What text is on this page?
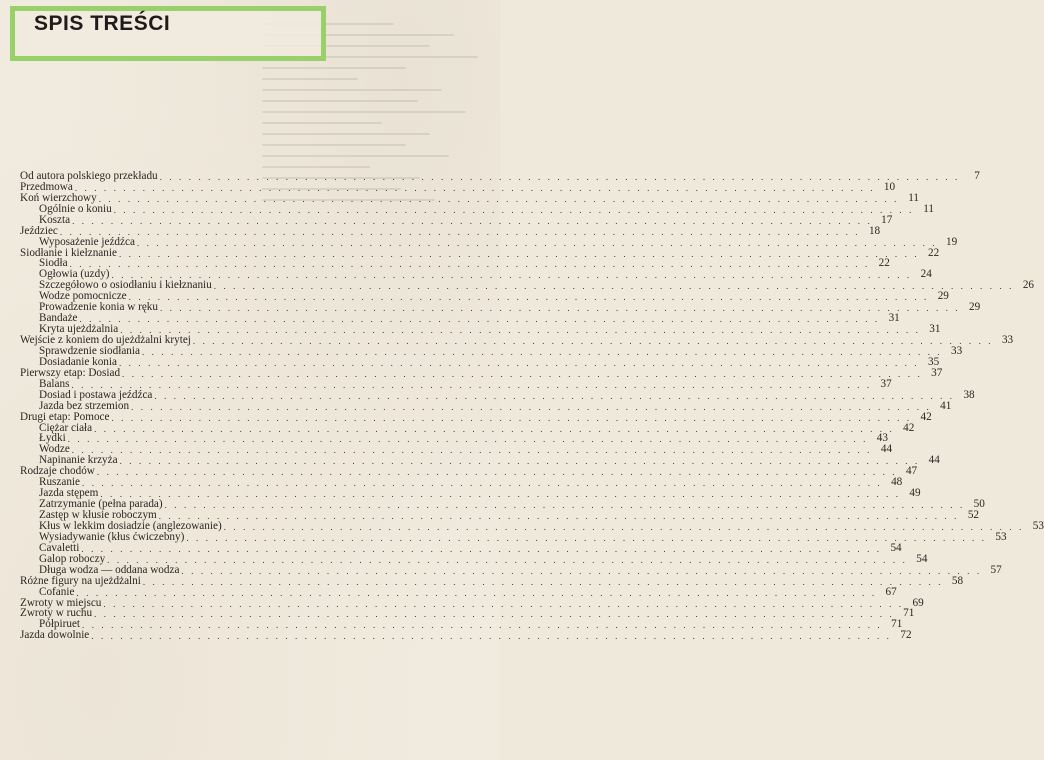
SPIS TREŚCI
Od autora polskiego przekładu . . . . . . . . . . . . . . . . . . . . . . . . . . . . . . . . . . . . . . . . . . . . . . . . . . . . . . . . . . . . . . . . . . . . . . . . . . . . . . . . . . .	7
Przedmowa . . . . . . . . . . . . . . . . . . . . . . . . . . . . . . . . . . . . . . . . . . . . . . . . . . . . . . . . . . . . . . . . . . . . . . . . . . . . . . . . . . . 10
Koń wierzchowy . . . . . . . . . . . . . . . . . . . . . . . . . . . . . . . . . . . . . . . . . . . . . . . . . . . . . . . . . . . . . . . . . . . . . . . . . . . . . . . . . . . 11
Ogólnie o koniu . . . . . . . . . . . . . . . . . . . . . . . . . . . . . . . . . . . . . . . . . . . . . . . . . . . . . . . . . . . . . . . . . . . . . . . . . . . . . . . . . . . 11
Koszta . . . . . . . . . . . . . . . . . . . . . . . . . . . . . . . . . . . . . . . . . . . . . . . . . . . . . . . . . . . . . . . . . . . . . . . . . . . . . . . . . . . 17
Jeździec . . . . . . . . . . . . . . . . . . . . . . . . . . . . . . . . . . . . . . . . . . . . . . . . . . . . . . . . . . . . . . . . . . . . . . . . . . . . . . . . . . . 18
Wyposażenie jeźdźca . . . . . . . . . . . . . . . . . . . . . . . . . . . . . . . . . . . . . . . . . . . . . . . . . . . . . . . . . . . . . . . . . . . . . . . . . . . . . . . . . . . 19
Siodłanie i kiełznanie . . . . . . . . . . . . . . . . . . . . . . . . . . . . . . . . . . . . . . . . . . . . . . . . . . . . . . . . . . . . . . . . . . . . . . . . . . . . . . . . . . . 22
Siodła . . . . . . . . . . . . . . . . . . . . . . . . . . . . . . . . . . . . . . . . . . . . . . . . . . . . . . . . . . . . . . . . . . . . . . . . . . . . . . . . . . . 22
Ogłowia (uzdy) . . . . . . . . . . . . . . . . . . . . . . . . . . . . . . . . . . . . . . . . . . . . . . . . . . . . . . . . . . . . . . . . . . . . . . . . . . . . . . . . . . . 24
Szczegółowo o osiodłaniu i kiełznaniu . . . . . . . . . . . . . . . . . . . . . . . . . . . . . . . . . . . . . . . . . . . . . . . . . . . . . . . . . . . . . . . . . . . . . . . . . . . . . . . . . . . 26
Wodze pomocnicze . . . . . . . . . . . . . . . . . . . . . . . . . . . . . . . . . . . . . . . . . . . . . . . . . . . . . . . . . . . . . . . . . . . . . . . . . . . . . . . . . . . 29
Prowadzenie konia w ręku . . . . . . . . . . . . . . . . . . . . . . . . . . . . . . . . . . . . . . . . . . . . . . . . . . . . . . . . . . . . . . . . . . . . . . . . . . . . . . . . . . . 29
Bandaże . . . . . . . . . . . . . . . . . . . . . . . . . . . . . . . . . . . . . . . . . . . . . . . . . . . . . . . . . . . . . . . . . . . . . . . . . . . . . . . . . . . 31
Kryta ujeżdżalnia . . . . . . . . . . . . . . . . . . . . . . . . . . . . . . . . . . . . . . . . . . . . . . . . . . . . . . . . . . . . . . . . . . . . . . . . . . . . . . . . . . . 31
Wejście z koniem do ujeżdżalni krytej . . . . . . . . . . . . . . . . . . . . . . . . . . . . . . . . . . . . . . . . . . . . . . . . . . . . . . . . . . . . . . . . . . . . . . . . . . . . . . . . . . . 33
Sprawdzenie siodłania . . . . . . . . . . . . . . . . . . . . . . . . . . . . . . . . . . . . . . . . . . . . . . . . . . . . . . . . . . . . . . . . . . . . . . . . . . . . . . . . . . . 33
Dosiadanie konia . . . . . . . . . . . . . . . . . . . . . . . . . . . . . . . . . . . . . . . . . . . . . . . . . . . . . . . . . . . . . . . . . . . . . . . . . . . . . . . . . . . 35
Pierwszy etap: Dosiad . . . . . . . . . . . . . . . . . . . . . . . . . . . . . . . . . . . . . . . . . . . . . . . . . . . . . . . . . . . . . . . . . . . . . . . . . . . . . . . . . . . 37
Balans . . . . . . . . . . . . . . . . . . . . . . . . . . . . . . . . . . . . . . . . . . . . . . . . . . . . . . . . . . . . . . . . . . . . . . . . . . . . . . . . . . . 37
Dosiad i postawa jeźdźca . . . . . . . . . . . . . . . . . . . . . . . . . . . . . . . . . . . . . . . . . . . . . . . . . . . . . . . . . . . . . . . . . . . . . . . . . . . . . . . . . . . 38
Jazda bez strzemion . . . . . . . . . . . . . . . . . . . . . . . . . . . . . . . . . . . . . . . . . . . . . . . . . . . . . . . . . . . . . . . . . . . . . . . . . . . . . . . . . . . 41
Drugi etap: Pomoce . . . . . . . . . . . . . . . . . . . . . . . . . . . . . . . . . . . . . . . . . . . . . . . . . . . . . . . . . . . . . . . . . . . . . . . . . . . . . . . . . . . 42
Ciężar ciała . . . . . . . . . . . . . . . . . . . . . . . . . . . . . . . . . . . . . . . . . . . . . . . . . . . . . . . . . . . . . . . . . . . . . . . . . . . . . . . . . . . 42
Łydki . . . . . . . . . . . . . . . . . . . . . . . . . . . . . . . . . . . . . . . . . . . . . . . . . . . . . . . . . . . . . . . . . . . . . . . . . . . . . . . . . . . 43
Wodze . . . . . . . . . . . . . . . . . . . . . . . . . . . . . . . . . . . . . . . . . . . . . . . . . . . . . . . . . . . . . . . . . . . . . . . . . . . . . . . . . . . 44
Napinanie krzyża . . . . . . . . . . . . . . . . . . . . . . . . . . . . . . . . . . . . . . . . . . . . . . . . . . . . . . . . . . . . . . . . . . . . . . . . . . . . . . . . . . . 44
Rodzaje chodów . . . . . . . . . . . . . . . . . . . . . . . . . . . . . . . . . . . . . . . . . . . . . . . . . . . . . . . . . . . . . . . . . . . . . . . . . . . . . . . . . . . 47
Ruszanie . . . . . . . . . . . . . . . . . . . . . . . . . . . . . . . . . . . . . . . . . . . . . . . . . . . . . . . . . . . . . . . . . . . . . . . . . . . . . . . . . . . 48
Jazda stępem . . . . . . . . . . . . . . . . . . . . . . . . . . . . . . . . . . . . . . . . . . . . . . . . . . . . . . . . . . . . . . . . . . . . . . . . . . . . . . . . . . . 49
Zatrzymanie (pełna parada) . . . . . . . . . . . . . . . . . . . . . . . . . . . . . . . . . . . . . . . . . . . . . . . . . . . . . . . . . . . . . . . . . . . . . . . . . . . . . . . . . . . 50
Zastęp w kłusie roboczym . . . . . . . . . . . . . . . . . . . . . . . . . . . . . . . . . . . . . . . . . . . . . . . . . . . . . . . . . . . . . . . . . . . . . . . . . . . . . . . . . . . 52
Kłus w lekkim dosiadzie (anglezowanie) . . . . . . . . . . . . . . . . . . . . . . . . . . . . . . . . . . . . . . . . . . . . . . . . . . . . . . . . . . . . . . . . . . . . . . . . . . . . . . . . . . . 53
Wysiadywanie (kłus ćwiczebny) . . . . . . . . . . . . . . . . . . . . . . . . . . . . . . . . . . . . . . . . . . . . . . . . . . . . . . . . . . . . . . . . . . . . . . . . . . . . . . . . . . . 53
Cavaletti . . . . . . . . . . . . . . . . . . . . . . . . . . . . . . . . . . . . . . . . . . . . . . . . . . . . . . . . . . . . . . . . . . . . . . . . . . . . . . . . . . . 54
Galop roboczy . . . . . . . . . . . . . . . . . . . . . . . . . . . . . . . . . . . . . . . . . . . . . . . . . . . . . . . . . . . . . . . . . . . . . . . . . . . . . . . . . . . 54
Długa wodza — oddana wodza . . . . . . . . . . . . . . . . . . . . . . . . . . . . . . . . . . . . . . . . . . . . . . . . . . . . . . . . . . . . . . . . . . . . . . . . . . . . . . . . . . . 57
Różne figury na ujeżdżalni . . . . . . . . . . . . . . . . . . . . . . . . . . . . . . . . . . . . . . . . . . . . . . . . . . . . . . . . . . . . . . . . . . . . . . . . . . . . . . . . . . . 58
Cofanie . . . . . . . . . . . . . . . . . . . . . . . . . . . . . . . . . . . . . . . . . . . . . . . . . . . . . . . . . . . . . . . . . . . . . . . . . . . . . . . . . . . 67
Zwroty w miejscu . . . . . . . . . . . . . . . . . . . . . . . . . . . . . . . . . . . . . . . . . . . . . . . . . . . . . . . . . . . . . . . . . . . . . . . . . . . . . . . . . . . 69
Zwroty w ruchu . . . . . . . . . . . . . . . . . . . . . . . . . . . . . . . . . . . . . . . . . . . . . . . . . . . . . . . . . . . . . . . . . . . . . . . . . . . . . . . . . . . 71
Półpiruet . . . . . . . . . . . . . . . . . . . . . . . . . . . . . . . . . . . . . . . . . . . . . . . . . . . . . . . . . . . . . . . . . . . . . . . . . . . . . . . . . . . 71
Jazda dowolnie . . . . . . . . . . . . . . . . . . . . . . . . . . . . . . . . . . . . . . . . . . . . . . . . . . . . . . . . . . . . . . . . . . . . . . . . . . . . . . . . . . . 72
